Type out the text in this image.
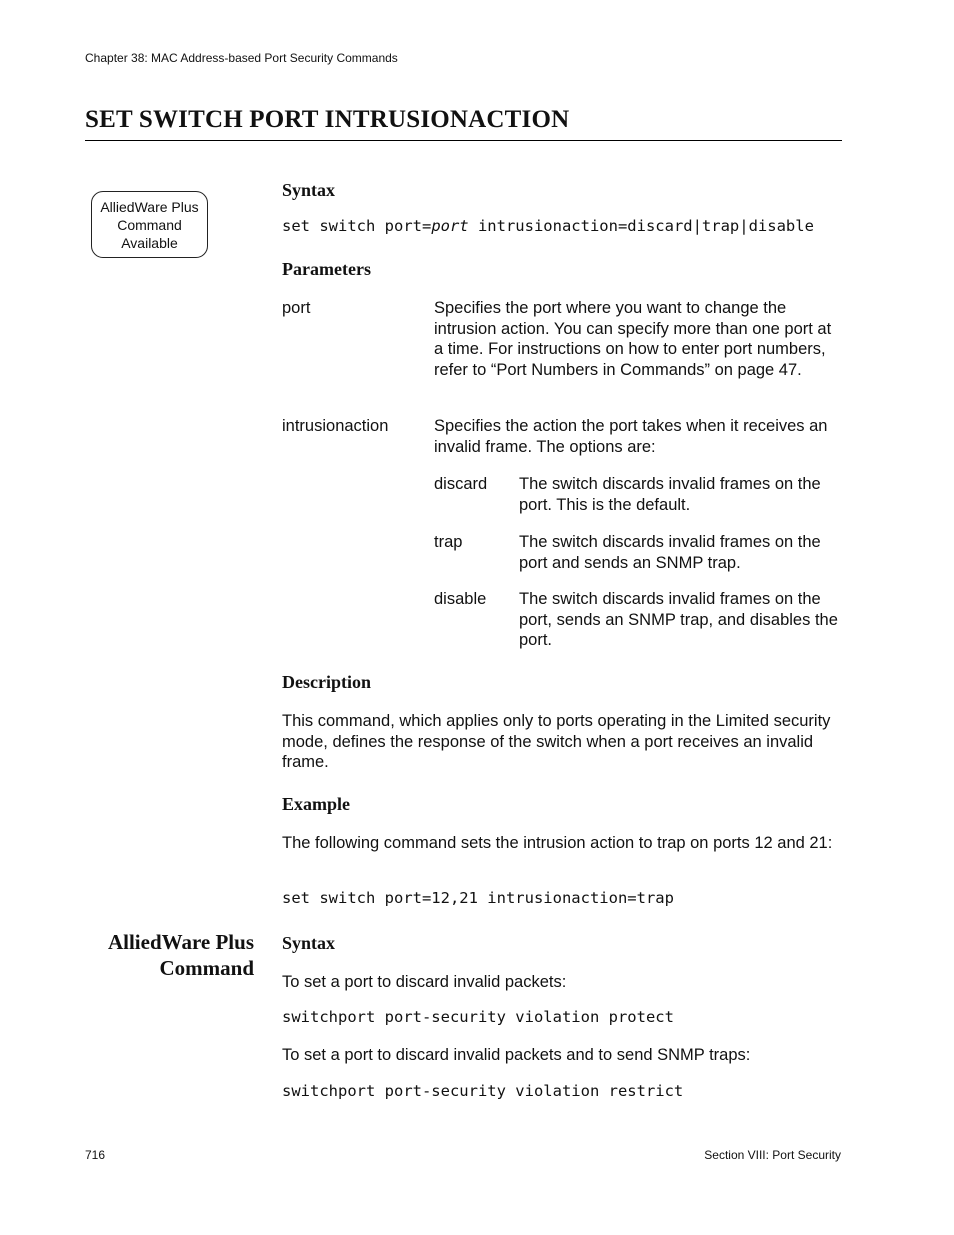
Chapter 38: MAC Address-based Port Security Commands
SET SWITCH PORT INTRUSIONACTION
AlliedWare Plus
Command
Available
Syntax
set switch port=port intrusionaction=discard|trap|disable
Parameters
port	Specifies the port where you want to change the intrusion action. You can specify more than one port at a time. For instructions on how to enter port numbers, refer to “Port Numbers in Commands” on page 47.
intrusionaction	Specifies the action the port takes when it receives an invalid frame. The options are:
discard The switch discards invalid frames on the port. This is the default.
trap	The switch discards invalid frames on the port and sends an SNMP trap.
disable The switch discards invalid frames on the port, sends an SNMP trap, and disables the port.
Description
This command, which applies only to ports operating in the Limited security mode, defines the response of the switch when a port receives an invalid frame.
Example
The following command sets the intrusion action to trap on ports 12 and 21:
set switch port=12,21 intrusionaction=trap
AlliedWare Plus
Command
Syntax
To set a port to discard invalid packets:
switchport port-security violation protect
To set a port to discard invalid packets and to send SNMP traps:
switchport port-security violation restrict
716	Section VIII: Port Security
